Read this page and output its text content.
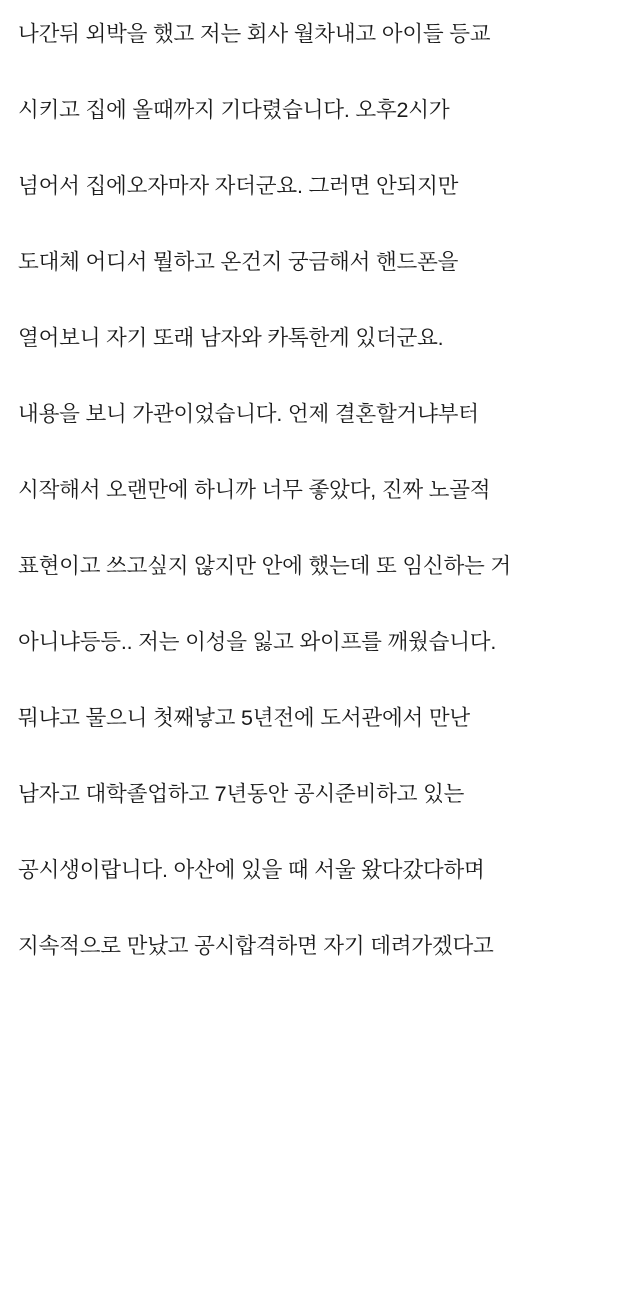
나간뒤 외박을 했고 저는 회사 월차내고 아이들 등교

시키고 집에 올때까지 기다렸습니다. 오후2시가

넘어서 집에오자마자 자더군요. 그러면 안되지만

도대체 어디서 뭘하고 온건지 궁금해서 핸드폰을

열어보니 자기 또래 남자와 카톡한게 있더군요.

내용을 보니 가관이었습니다. 언제 결혼할거냐부터

시작해서 오랜만에 하니까 너무 좋았다, 진짜 노골적

표현이고 쓰고싶지 않지만 안에 했는데 또 임신하는 거

아니냐등등.. 저는 이성을 잃고 와이프를 깨웠습니다.

뭐냐고 물으니 첫째낳고 5년전에 도서관에서 만난

남자고 대학졸업하고 7년동안 공시준비하고 있는

공시생이랍니다. 아산에 있을 때 서울 왔다갔다하며

지속적으로 만났고 공시합격하면 자기 데려가겠다고
